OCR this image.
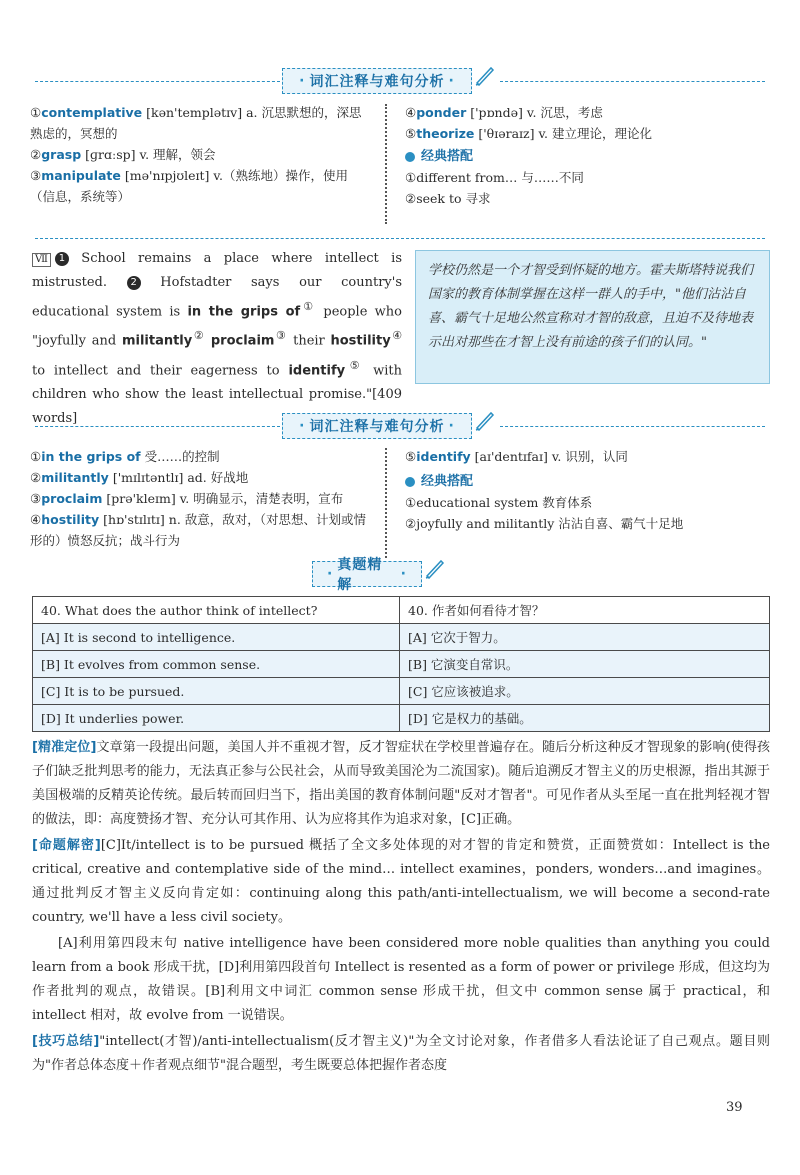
· 词汇注释与难句分析 ·

①contemplative [kən'templətɪv] a. 沉思默想的，深思熟虑的，冥想的

②grasp [ɡrɑːsp] v. 理解，领会

③manipulate [mə'nɪpjʊleɪt] v.（熟练地）操作，使用（信息，系统等）

④ponder ['pɒndə] v. 沉思，考虑

⑤theorize ['θɪəraɪz] v. 建立理论，理论化

经典搭配

①different from… 与……不同

②seek to 寻求

Ⅶ 1 School remains a place where intellect is mistrusted. 2 Hofstadter says our country's educational system is in the grips of① people who "joyfully and militantly② proclaim③ their hostility④ to intellect and their eagerness to identify⑤ with children who show the least intellectual promise."[409 words]
学校仍然是一个才智受到怀疑的地方。霍夫斯塔特说我们国家的教育体制掌握在这样一群人的手中，"他们沾沾自喜、霸气十足地公然宣称对才智的敌意，且迫不及待地表示出对那些在才智上没有前途的孩子们的认同。"
· 词汇注释与难句分析 ·

①in the grips of 受……的控制

②militantly ['mɪlɪtəntlɪ] ad. 好战地

③proclaim [prə'kleɪm] v. 明确显示，清楚表明，宣布

④hostility [hɒ'stɪlɪtɪ] n. 敌意，敌对，（对思想、计划或情形的）愤怒反抗；战斗行为

⑤identify [aɪ'dentɪfaɪ] v. 识别，认同

经典搭配

①educational system 教育体系

②joyfully and militantly 沾沾自喜、霸气十足地

·
真题精解
·
40. What does the author think of intellect?	40. 作者如何看待才智？
[A] It is second to intelligence.	[A] 它次于智力。
[B] It evolves from common sense.	[B] 它演变自常识。
[C] It is to be pursued.	[C] 它应该被追求。
[D] It underlies power.	[D] 它是权力的基础。

[精准定位]文章第一段提出问题，美国人并不重视才智，反才智症状在学校里普遍存在。随后分析这种反才智现象的影响(使得孩子们缺乏批判思考的能力，无法真正参与公民社会，从而导致美国沦为二流国家)。随后追溯反才智主义的历史根源，指出其源于美国极端的反精英论传统。最后转而回归当下，指出美国的教育体制问题"反对才智者"。可见作者从头至尾一直在批判轻视才智的做法，即：高度赞扬才智、充分认可其作用、认为应将其作为追求对象，[C]正确。

[命题解密][C]It/intellect is to be pursued 概括了全文多处体现的对才智的肯定和赞赏，正面赞赏如：Intellect is the critical, creative and contemplative side of the mind… intellect examines，ponders, wonders…and imagines。通过批判反才智主义反向肯定如：continuing along this path/anti-intellectualism, we will become a second-rate country, we'll have a less civil society。

[A]利用第四段末句 native intelligence have been considered more noble qualities than anything you could learn from a book 形成干扰，[D]利用第四段首句 Intellect is resented as a form of power or privilege 形成，但这均为作者批判的观点，故错误。[B]利用文中词汇 common sense 形成干扰，但文中 common sense 属于 practical，和 intellect 相对，故 evolve from 一说错误。

[技巧总结]"intellect(才智)/anti-intellectualism(反才智主义)"为全文讨论对象，作者借多人看法论证了自己观点。题目则为"作者总体态度＋作者观点细节"混合题型，考生既要总体把握作者态度

39
